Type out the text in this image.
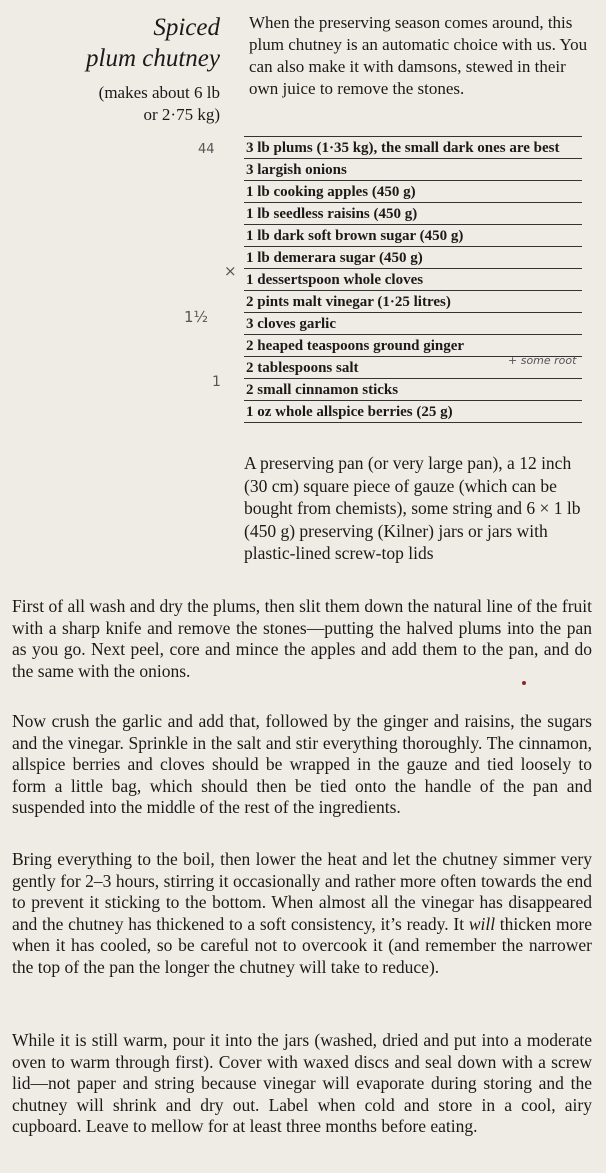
Spiced
plum chutney
(makes about 6 lb
or 2·75 kg)
When the preserving season comes around, this plum chutney is an automatic choice with us. You can also make it with damsons, stewed in their own juice to remove the stones.
3 lb plums (1·35 kg), the small dark ones are best
3 largish onions
1 lb cooking apples (450 g)
1 lb seedless raisins (450 g)
1 lb dark soft brown sugar (450 g)
1 lb demerara sugar (450 g)
1 dessertspoon whole cloves
2 pints malt vinegar (1·25 litres)
3 cloves garlic
2 heaped teaspoons ground ginger
2 tablespoons salt
2 small cinnamon sticks
1 oz whole allspice berries (25 g)
44
×
1½
+ some root
1
A preserving pan (or very large pan), a 12 inch (30 cm) square piece of gauze (which can be bought from chemists), some string and 6 × 1 lb (450 g) preserving (Kilner) jars or jars with plastic-lined screw-top lids

First of all wash and dry the plums, then slit them down the natural line of the fruit with a sharp knife and remove the stones—putting the halved plums into the pan as you go. Next peel, core and mince the apples and add them to the pan, and do the same with the onions.

Now crush the garlic and add that, followed by the ginger and raisins, the sugars and the vinegar. Sprinkle in the salt and stir everything thoroughly. The cinnamon, allspice berries and cloves should be wrapped in the gauze and tied loosely to form a little bag, which should then be tied onto the handle of the pan and suspended into the middle of the rest of the ingredients.

Bring everything to the boil, then lower the heat and let the chutney simmer very gently for 2–3 hours, stirring it occasionally and rather more often towards the end to prevent it sticking to the bottom. When almost all the vinegar has disappeared and the chutney has thickened to a soft consistency, it’s ready. It will thicken more when it has cooled, so be careful not to overcook it (and remember the narrower the top of the pan the longer the chutney will take to reduce).

While it is still warm, pour it into the jars (washed, dried and put into a moderate oven to warm through first). Cover with waxed discs and seal down with a screw lid—not paper and string because vinegar will evaporate during storing and the chutney will shrink and dry out. Label when cold and store in a cool, airy cupboard. Leave to mellow for at least three months before eating.
